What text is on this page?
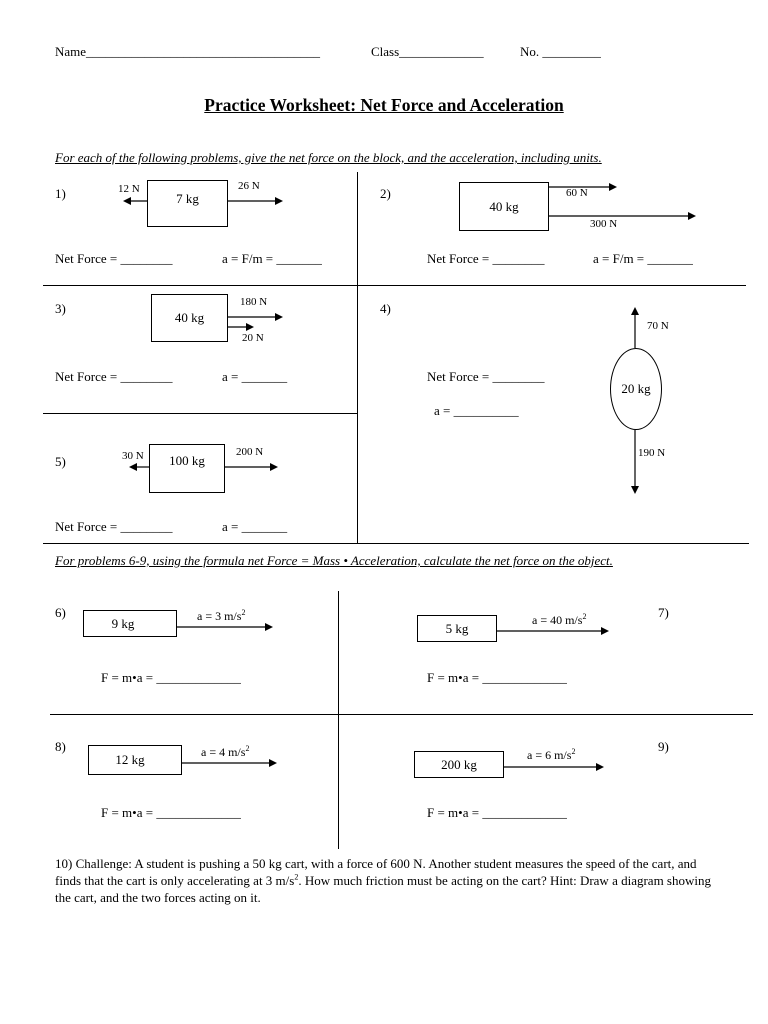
Name____________________________________	Class_____________	No. _________
Practice Worksheet: Net Force and Acceleration
For each of the following problems, give the net force on the block, and the acceleration, including units.
1)	12 N	26 N
7 kg
Net Force = ________	a = F/m = _______
2)
40 kg
60 N
300 N
Net Force = ________	a = F/m = _______
3)
40 kg
180 N
20 N
Net Force = ________	a = _______
4)
20 kg
70 N
190 N
Net Force = ________
a = __________
5)	30 N	200 N
100 kg
Net Force = ________	a = _______
For problems 6-9, using the formula net Force = Mass • Acceleration, calculate the net force on the object.
6)
9 kg	a = 3 $m/s^2$
F = m•a = _____________
7)
5 kg
a = 40 $m/s^2$
F = m•a = _____________
8)
12 kg	a = 4 $m/s^2$
F = m•a = _____________
9)
200 kg
a = 6 $m/s^2$
F = m•a = _____________
10) Challenge: A student is pushing a 50 kg cart, with a force of 600 N. Another student measures the speed of the cart, and finds that the cart is only accelerating at 3 $m/s^2$. How much friction must be acting on the cart? Hint: Draw a diagram showing the cart, and the two forces acting on it.
